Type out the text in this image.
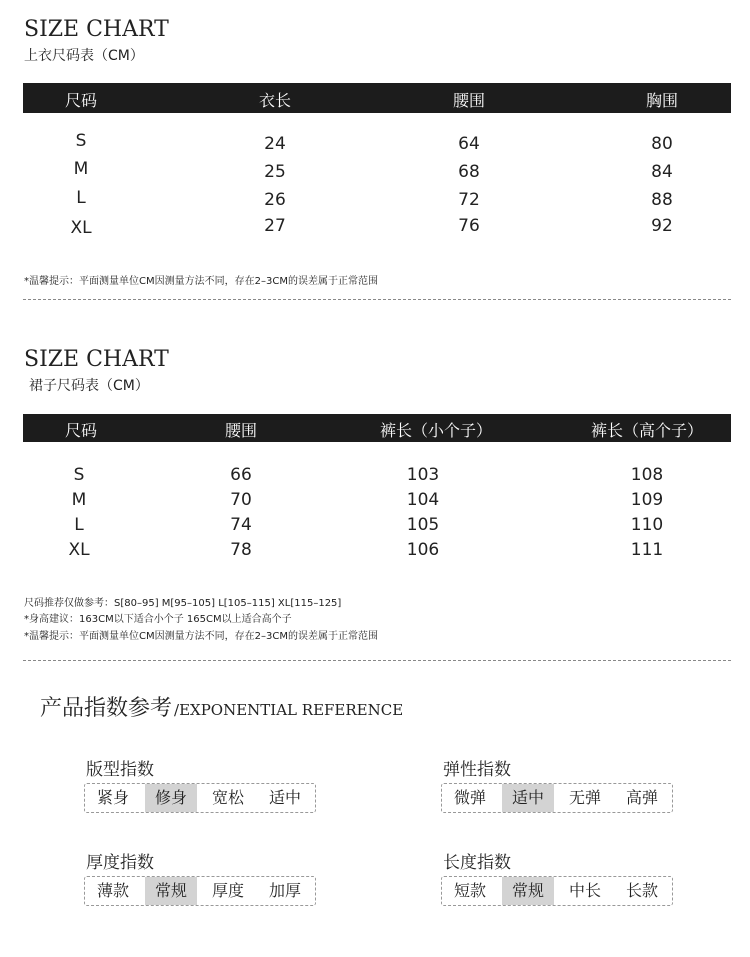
SIZE CHART
上衣尺码表（CM）
尺码	衣长	腰围	胸围
S	24	64	80
M	25	68	84
L	26	72	88
XL	27	76	92
*温馨提示：平面测量单位CM因测量方法不同，存在2–3CM的误差属于正常范围
SIZE CHART
裙子尺码表（CM）
尺码	腰围	裤长（小个子）	裤长（高个子）
S	66	103	108
M	70	104	109
L	74	105	110
XL	78	106	111
尺码推荐仅做参考：S[80–95] M[95–105] L[105–115] XL[115–125]
*身高建议：163CM以下适合小个子 165CM以上适合高个子
*温馨提示：平面测量单位CM因测量方法不同，存在2–3CM的误差属于正常范围
产品指数参考 /EXPONENTIAL REFERENCE
版型指数
紧身	修身	宽松	适中
弹性指数
微弹	适中	无弹	高弹
厚度指数
薄款	常规	厚度	加厚
长度指数
短款	常规	中长	长款
